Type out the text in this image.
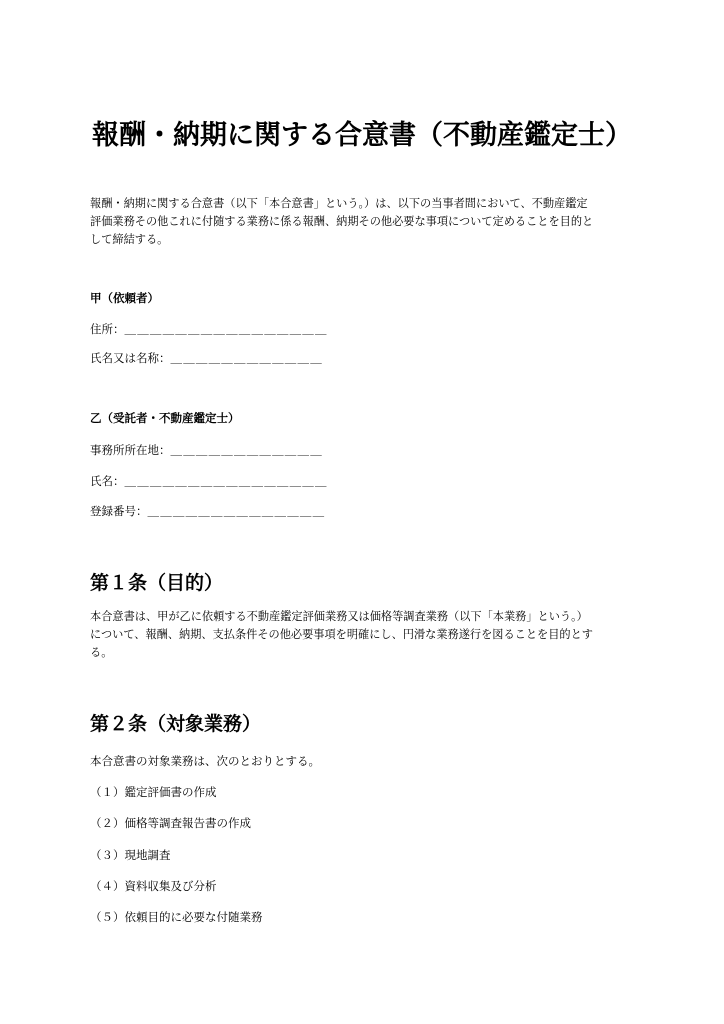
報酬・納期に関する合意書（不動産鑑定士）

報酬・納期に関する合意書（以下「本合意書」という。）は、以下の当事者間において、不動産鑑定

評価業務その他これに付随する業務に係る報酬、納期その他必要な事項について定めることを目的と

して締結する。

甲（依頼者）
住所：＿＿＿＿＿＿＿＿＿＿＿＿＿＿＿＿
氏名又は名称：＿＿＿＿＿＿＿＿＿＿＿＿
乙（受託者・不動産鑑定士）
事務所所在地：＿＿＿＿＿＿＿＿＿＿＿＿
氏名：＿＿＿＿＿＿＿＿＿＿＿＿＿＿＿＿
登録番号：＿＿＿＿＿＿＿＿＿＿＿＿＿＿
第１条（目的）

本合意書は、甲が乙に依頼する不動産鑑定評価業務又は価格等調査業務（以下「本業務」という。）

について、報酬、納期、支払条件その他必要事項を明確にし、円滑な業務遂行を図ることを目的とす

る。

第２条（対象業務）
本合意書の対象業務は、次のとおりとする。
（１）鑑定評価書の作成
（２）価格等調査報告書の作成
（３）現地調査
（４）資料収集及び分析
（５）依頼目的に必要な付随業務
